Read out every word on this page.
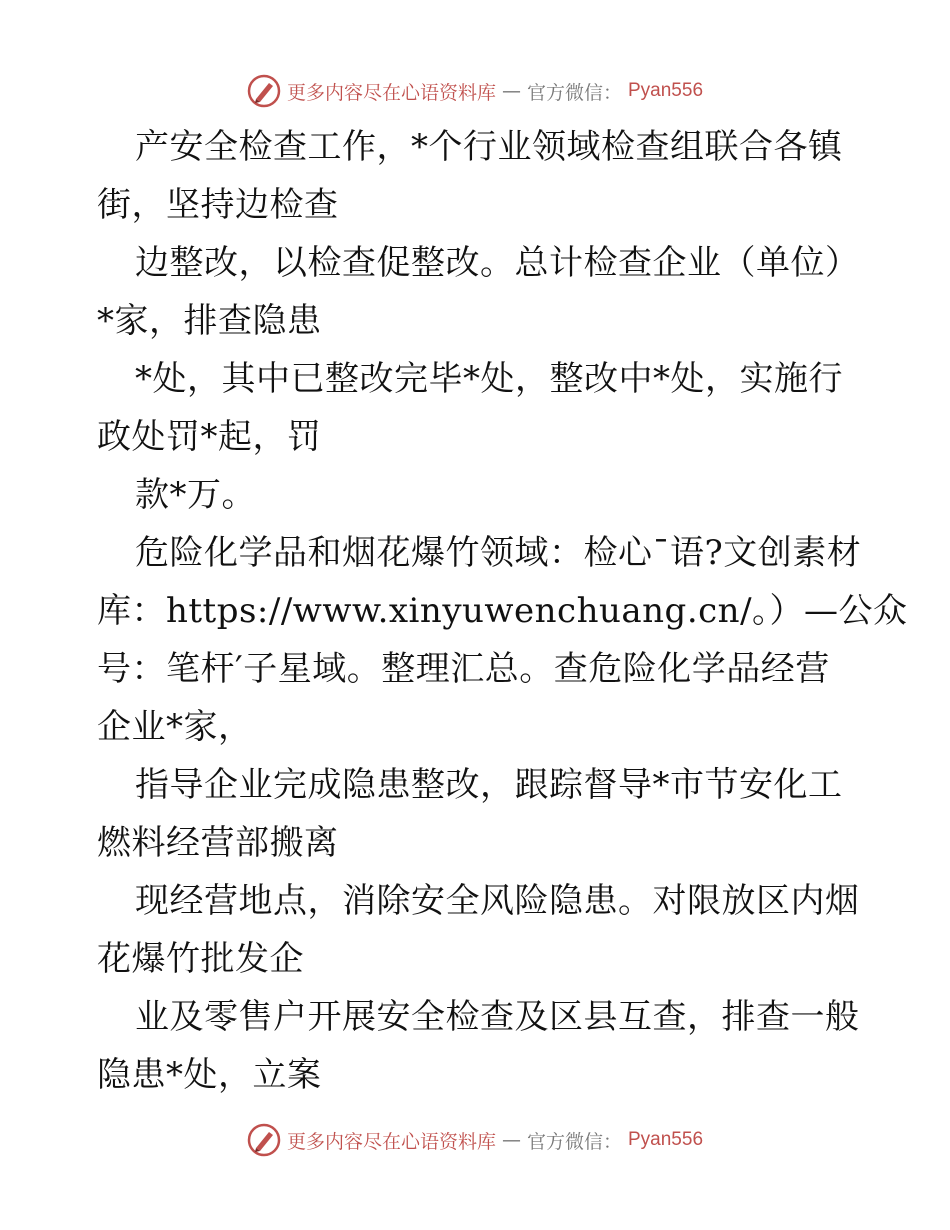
更多内容尽在心语资料库 — 官方微信： Pyan556
产安全检查工作，*个行业领域检查组联合各镇
街，坚持边检查
边整改，以检查促整改。总计检查企业（单位）
*家，排查隐患
*处，其中已整改完毕*处，整改中*处，实施行
政处罚*起，罚
款*万。
危险化学品和烟花爆竹领域：检心¯语?文创素材
库：https://www.xinyuwenchuang.cn/。）—公众
号：笔杆′子星域。整理汇总。查危险化学品经营
企业*家，
指导企业完成隐患整改，跟踪督导*市节安化工
燃料经营部搬离
现经营地点，消除安全风险隐患。对限放区内烟
花爆竹批发企
业及零售户开展安全检查及区县互查，排查一般
隐患*处，立案
更多内容尽在心语资料库 — 官方微信： Pyan556
